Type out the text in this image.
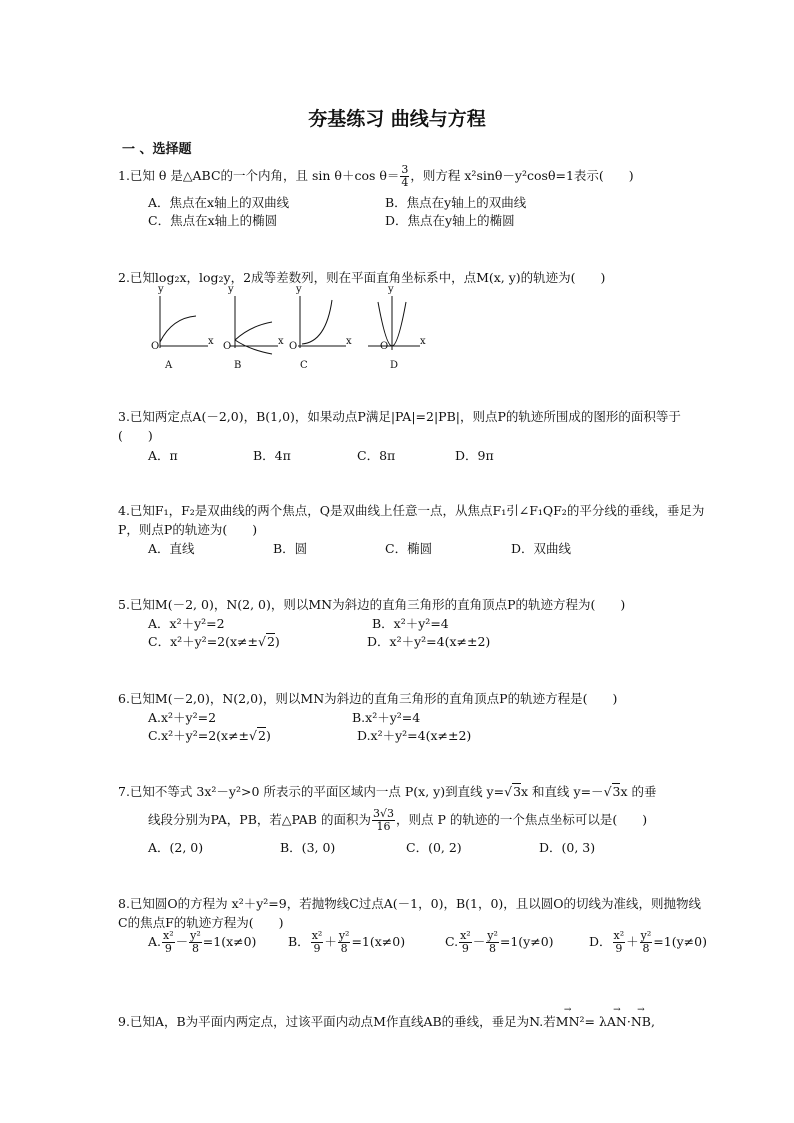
夯基练习 曲线与方程
一 、选择题
1.已知 θ 是△ABC的一个内角，且 sin θ＋cos $\theta= \frac{3}{4}$ ，则方程 x²sinθ－y²cosθ=1表示(　　)
A．焦点在x轴上的双曲线	B．焦点在y轴上的双曲线
C．焦点在x轴上的椭圆	D．焦点在y轴上的椭圆
2.已知log₂x，log₂y，2成等差数列，则在平面直角坐标系中，点M(x, y)的轨迹为(　　)
y
x
O
y
x
O
y
x
O
y
x
O
A	B	C	D
3.已知两定点A(－2,0)，B(1,0)，如果动点P满足|PA|=2|PB|，则点P的轨迹所围成的图形的面积等于(　　)
A．π	B．4π	C．8π	D．9π
4.已知F₁，F₂是双曲线的两个焦点，Q是双曲线上任意一点，从焦点F₁引∠F₁QF₂的平分线的垂线，垂足为P，则点P的轨迹为(　　)
A．直线	B．圆	C．椭圆	D．双曲线
5.已知M(－2, 0)，N(2, 0)，则以MN为斜边的直角三角形的直角顶点P的轨迹方程为(　　)
A．x²＋y²=2	B．x²＋y²=4
C．x²＋y²=2(x≠±√2)	D．x²＋y²=4(x≠±2)
6.已知M(－2,0)，N(2,0)，则以MN为斜边的直角三角形的直角顶点P的轨迹方程是(　　)
A.x²＋y²=2	B.x²＋y²=4
C.x²＋y²=2(x≠±√2)	D.x²＋y²=4(x≠±2)
7.已知不等式 3x²－y²>0 所表示的平面区域内一点 P(x, y)到直线 y=√3x 和直线 y=－√3x 的垂
线段分别为PA，PB，若△PAB 的面积为 $\frac{3√3}{16}$ ，则点 P 的轨迹的一个焦点坐标可以是(　　)
A．(2, 0)	B．(3, 0)	C．(0, 2)	D．(0, 3)
8.已知圆O的方程为 x²＋y²=9，若抛物线C过点A(－1，0)，B(1，0)，且以圆O的切线为准线，则抛物线C的焦点F的轨迹方程为(　　)
A. $\frac{\text{x²}}{9} - \frac{\text{y²}}{8} =1(x\ne 0)$	B． $\frac{\text{x²}}{9} + \frac{\text{y²}}{8} =1(x\ne 0)$	C. $\frac{\text{x²}}{9} - \frac{\text{y²}}{8} =1(y\ne 0)$	D． $\frac{\text{x²}}{9} + \frac{\text{y²}}{8} =1(y\ne 0)$
9.已知A，B为平面内两定点，过该平面内动点M作直线AB的垂线，垂足为N.若→ MN²= λ→ AN·→ NB,
